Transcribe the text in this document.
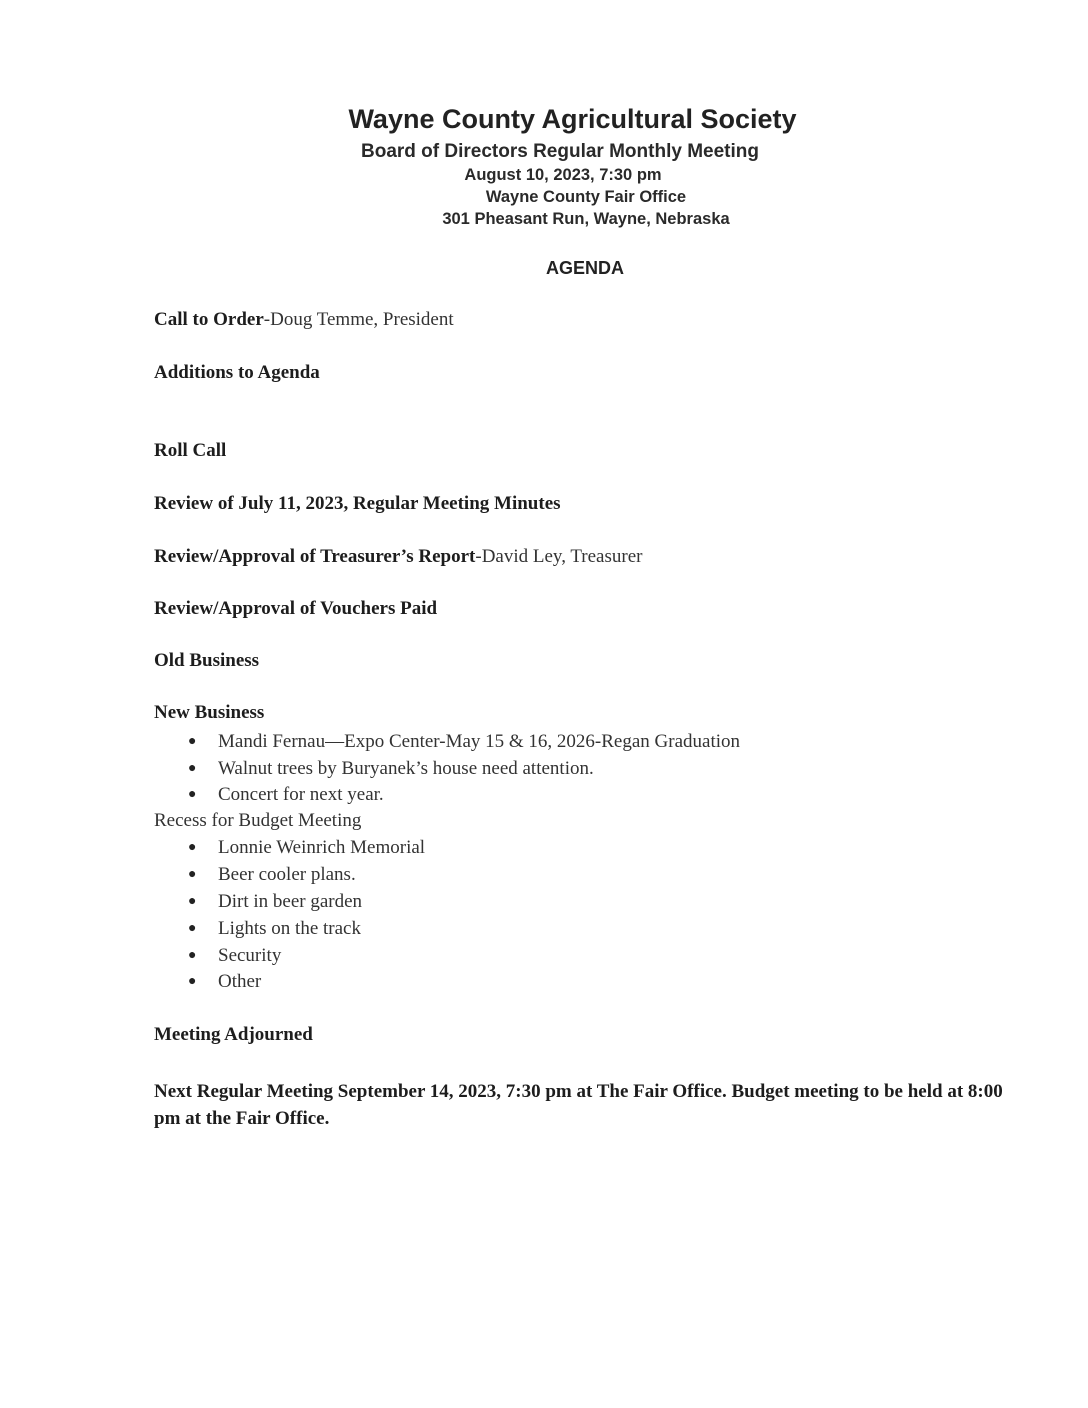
Wayne County Agricultural Society
Board of Directors Regular Monthly Meeting
August 10, 2023, 7:30 pm
Wayne County Fair Office
301 Pheasant Run, Wayne, Nebraska
AGENDA
Call to Order-Doug Temme, President
Additions to Agenda
Roll Call
Review of July 11, 2023, Regular Meeting Minutes
Review/Approval of Treasurer’s Report-David Ley, Treasurer
Review/Approval of Vouchers Paid
Old Business
New Business
● Mandi Fernau—Expo Center-May 15 & 16, 2026-Regan Graduation
● Walnut trees by Buryanek’s house need attention.
● Concert for next year.
Recess for Budget Meeting
● Lonnie Weinrich Memorial
● Beer cooler plans.
● Dirt in beer garden
● Lights on the track
● Security
● Other
Meeting Adjourned
Next Regular Meeting September 14, 2023, 7:30 pm at The Fair Office. Budget meeting to be held at 8:00 pm at the Fair Office.
